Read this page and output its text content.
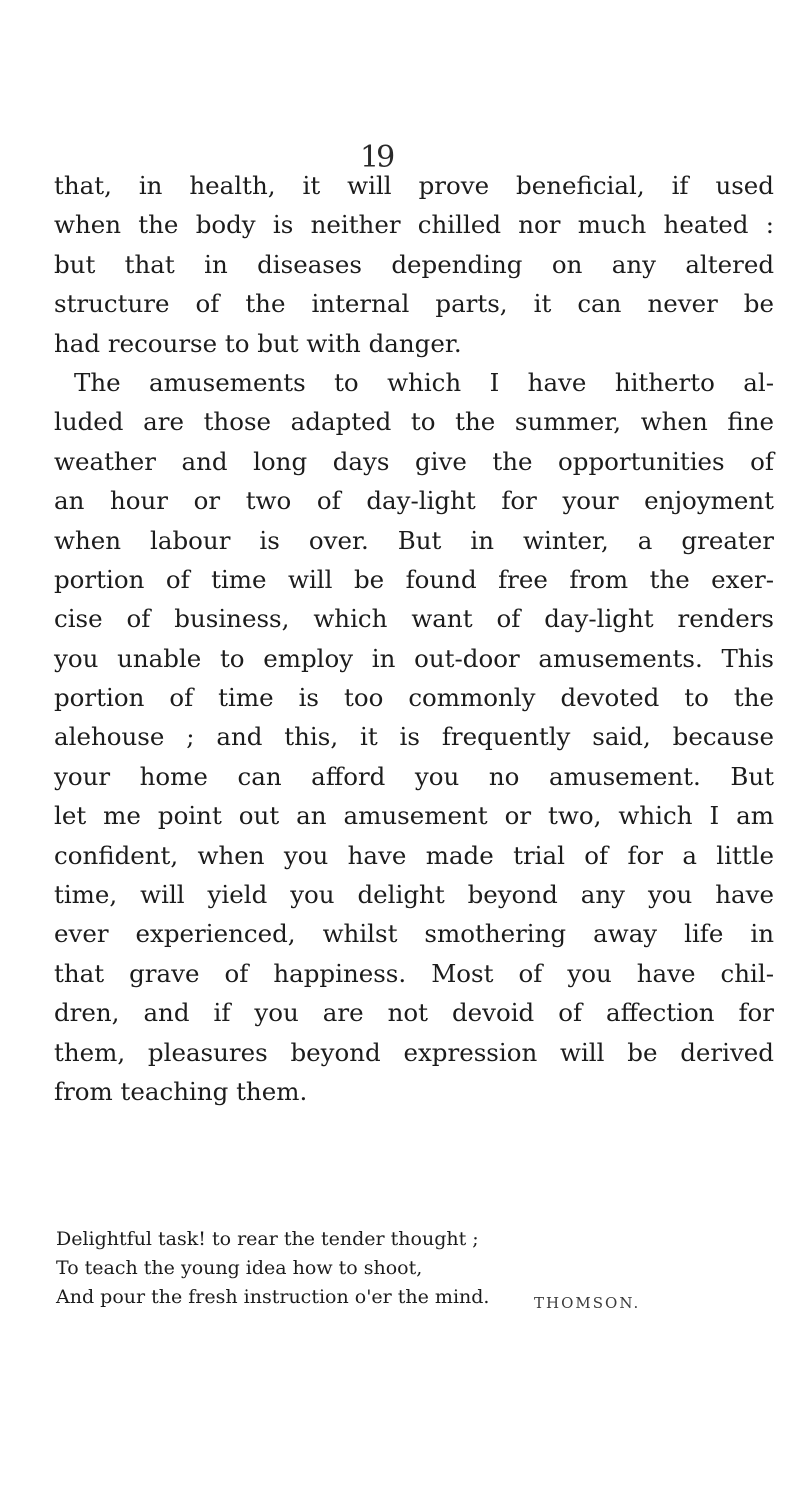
19
that, in health, it will prove beneficial, if used
when the body is neither chilled nor much heated :
but that in diseases depending on any altered
structure of the internal parts, it can never be
had recourse to but with danger.
The amusements to which I have hitherto al-
luded are those adapted to the summer, when fine
weather and long days give the opportunities of
an hour or two of day-light for your enjoyment
when labour is over. But in winter, a greater
portion of time will be found free from the exer-
cise of business, which want of day-light renders
you unable to employ in out-door amusements. This
portion of time is too commonly devoted to the
alehouse ; and this, it is frequently said, because
your home can afford you no amusement. But
let me point out an amusement or two, which I am
confident, when you have made trial of for a little
time, will yield you delight beyond any you have
ever experienced, whilst smothering away life in
that grave of happiness. Most of you have chil-
dren, and if you are not devoid of affection for
them, pleasures beyond expression will be derived
from teaching them.
Delightful task! to rear the tender thought ;
To teach the young idea how to shoot,
And pour the fresh instruction o'er the mind.	THOMSON.
